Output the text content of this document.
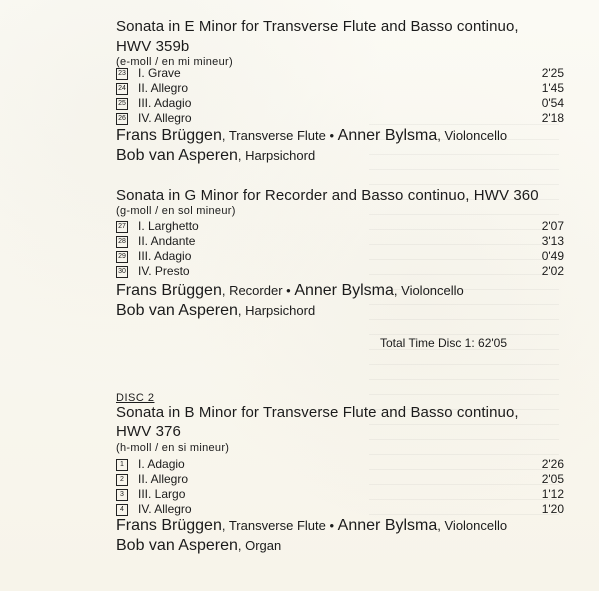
Sonata in E Minor for Transverse Flute and Basso continuo,
HWV 359b
(e-moll / en mi mineur)
23 I. Grave	2'25
24 II. Allegro	1'45
25 III. Adagio	0'54
26 IV. Allegro	2'18
Frans Brüggen, Transverse Flute • Anner Bylsma, Violoncello
Bob van Asperen, Harpsichord
Sonata in G Minor for Recorder and Basso continuo, HWV 360
(g-moll / en sol mineur)
27 I. Larghetto	2'07
28 II. Andante	3'13
29 III. Adagio	0'49
30 IV. Presto	2'02
Frans Brüggen, Recorder • Anner Bylsma, Violoncello
Bob van Asperen, Harpsichord
Total Time Disc 1: 62'05
DISC 2
Sonata in B Minor for Transverse Flute and Basso continuo,
HWV 376
(h-moll / en si mineur)
1	I. Adagio	2'26
2	II. Allegro	2'05
3	III. Largo	1'12
4	IV. Allegro	1'20
Frans Brüggen, Transverse Flute • Anner Bylsma, Violoncello
Bob van Asperen, Organ
